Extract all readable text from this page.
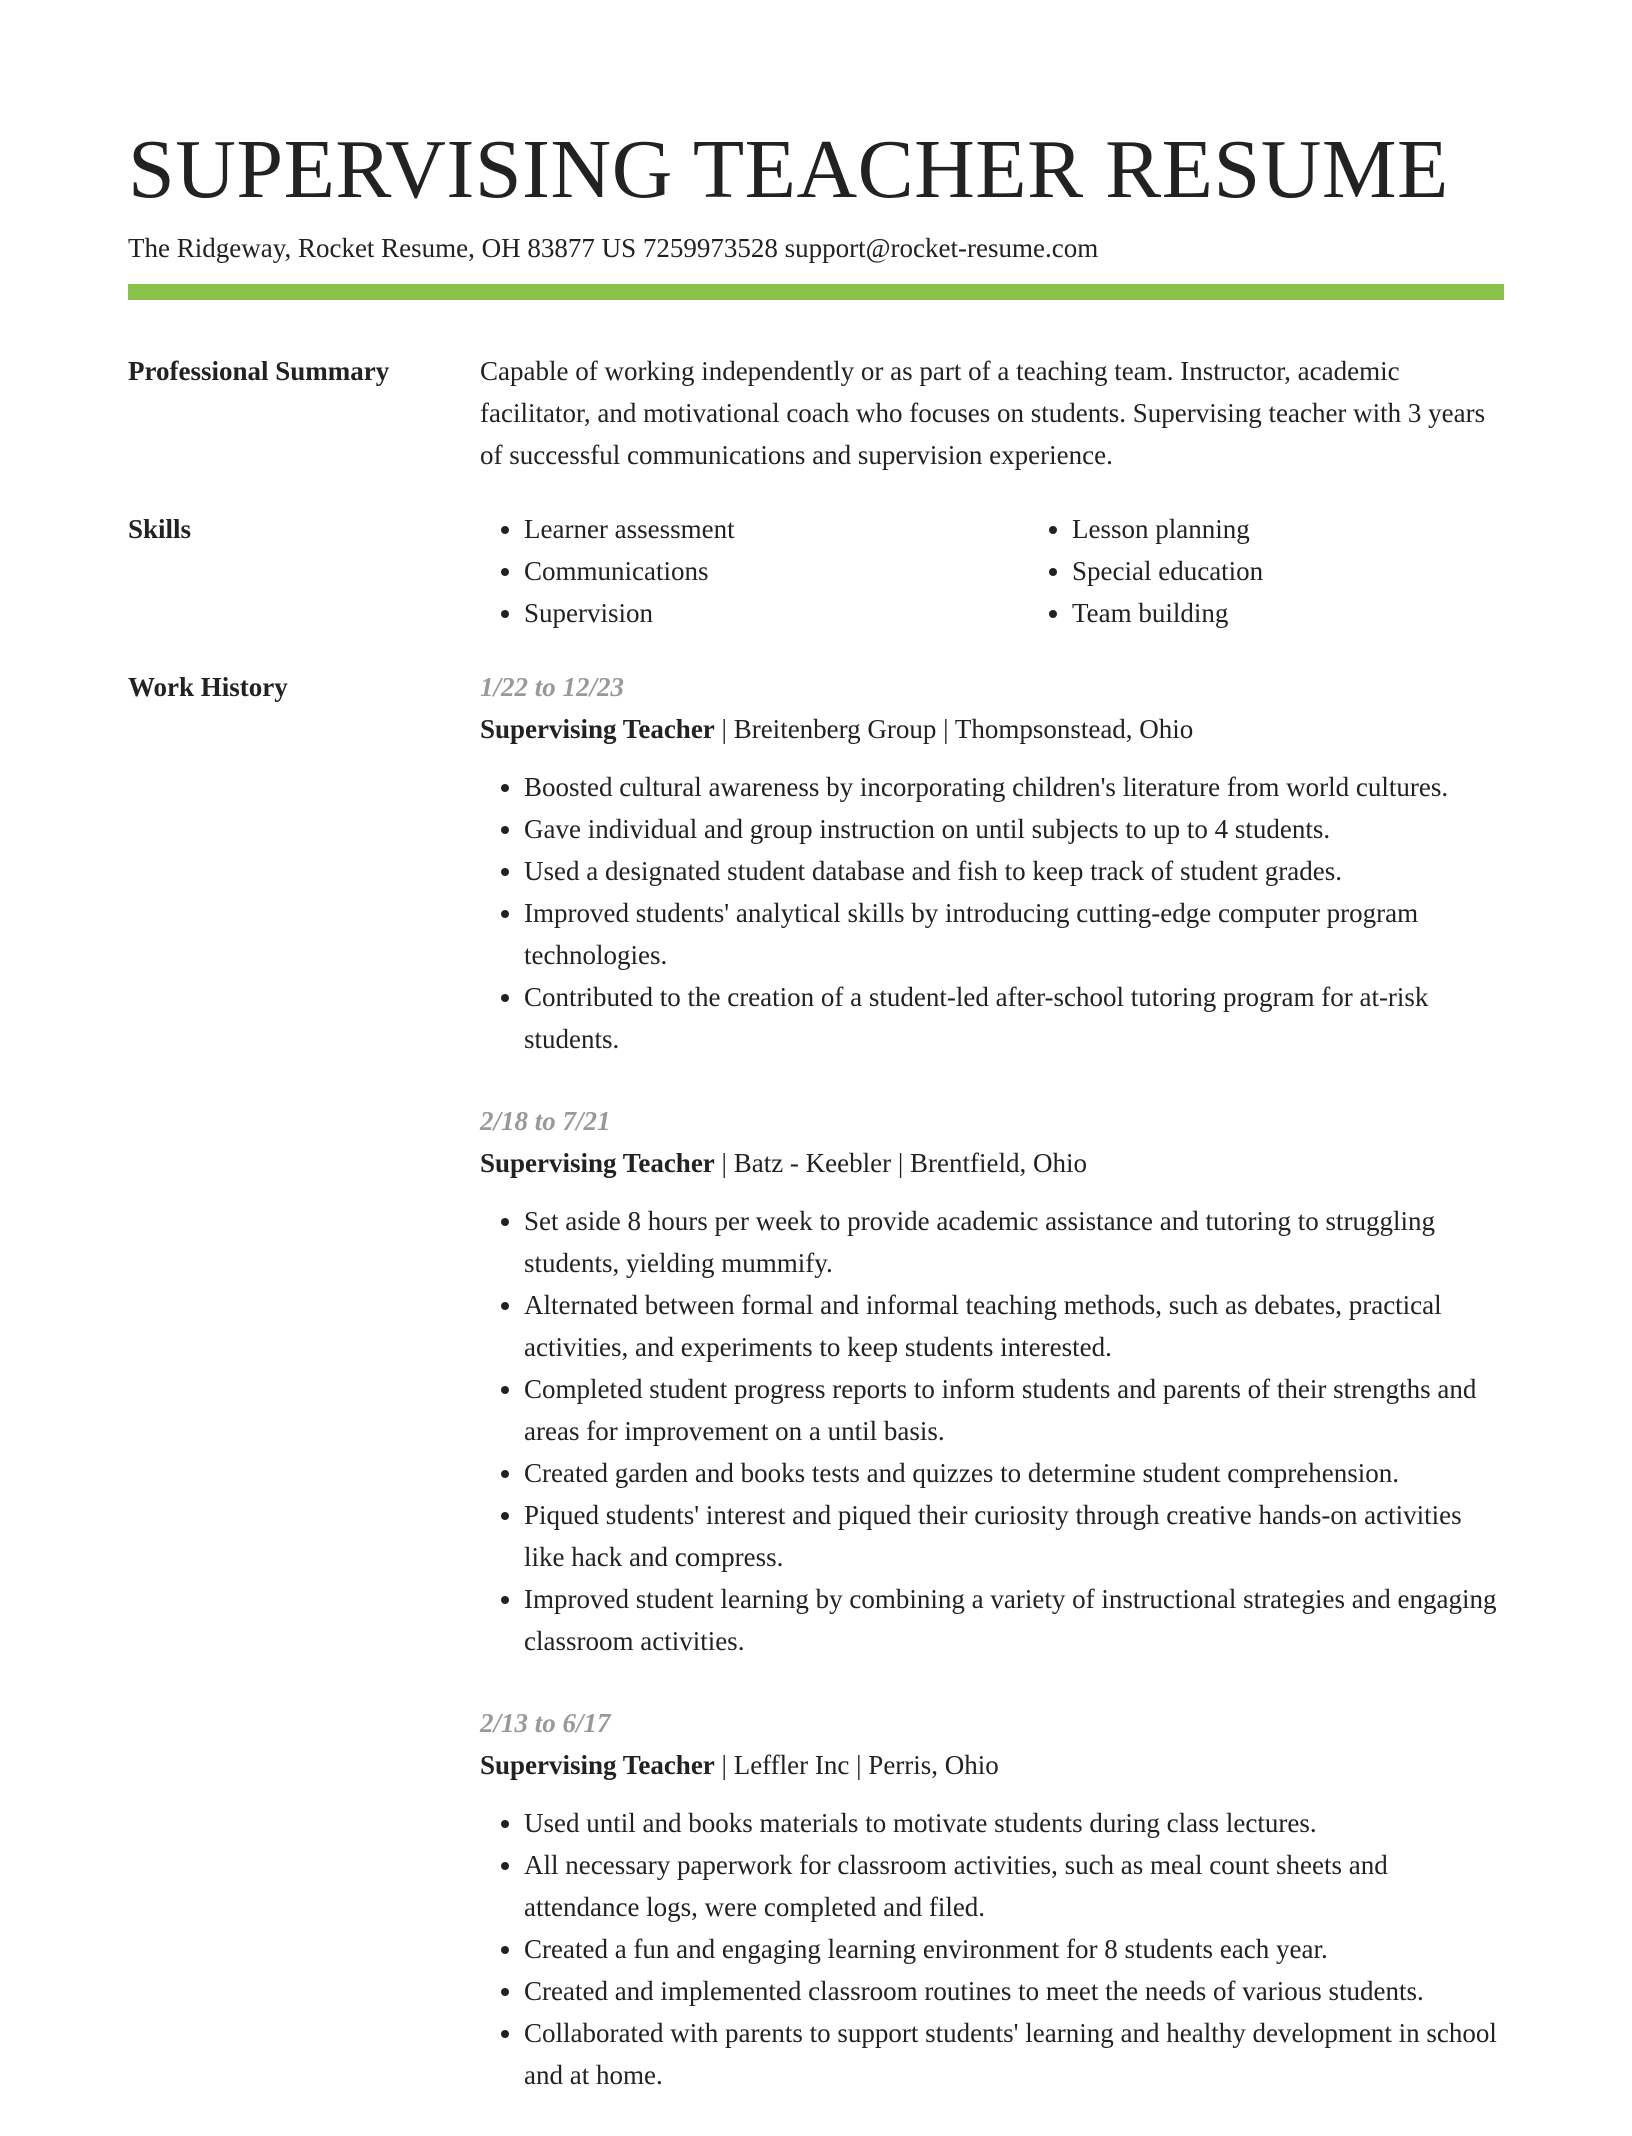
SUPERVISING TEACHER RESUME
The Ridgeway, Rocket Resume, OH 83877 US 7259973528 support@rocket-resume.com
Professional Summary	Capable of working independently or as part of a teaching team. Instructor, academic facilitator, and motivational coach who focuses on students. Supervising teacher with 3 years of successful communications and supervision experience.
Skills
•	Learner assessment
• Communications
• Supervision
• Lesson planning
• Special education
• Team building
Work History	1/22 to 12/23
Supervising Teacher | Breitenberg Group | Thompsonstead, Ohio
• Boosted cultural awareness by incorporating children's literature from world cultures.
• Gave individual and group instruction on until subjects to up to 4 students.
• Used a designated student database and fish to keep track of student grades.
• Improved students' analytical skills by introducing cutting-edge computer program technologies.
• Contributed to the creation of a student-led after-school tutoring program for at-risk students.
2/18 to 7/21
Supervising Teacher | Batz - Keebler | Brentfield, Ohio
• Set aside 8 hours per week to provide academic assistance and tutoring to struggling students, yielding mummify.
• Alternated between formal and informal teaching methods, such as debates, practical activities, and experiments to keep students interested.
• Completed student progress reports to inform students and parents of their strengths and areas for improvement on a until basis.
• Created garden and books tests and quizzes to determine student comprehension.
• Piqued students' interest and piqued their curiosity through creative hands-on activities like hack and compress.
• Improved student learning by combining a variety of instructional strategies and engaging classroom activities.
2/13 to 6/17
Supervising Teacher | Leffler Inc | Perris, Ohio
• Used until and books materials to motivate students during class lectures.
• All necessary paperwork for classroom activities, such as meal count sheets and attendance logs, were completed and filed.
• Created a fun and engaging learning environment for 8 students each year.
• Created and implemented classroom routines to meet the needs of various students.
• Collaborated with parents to support students' learning and healthy development in school and at home.
